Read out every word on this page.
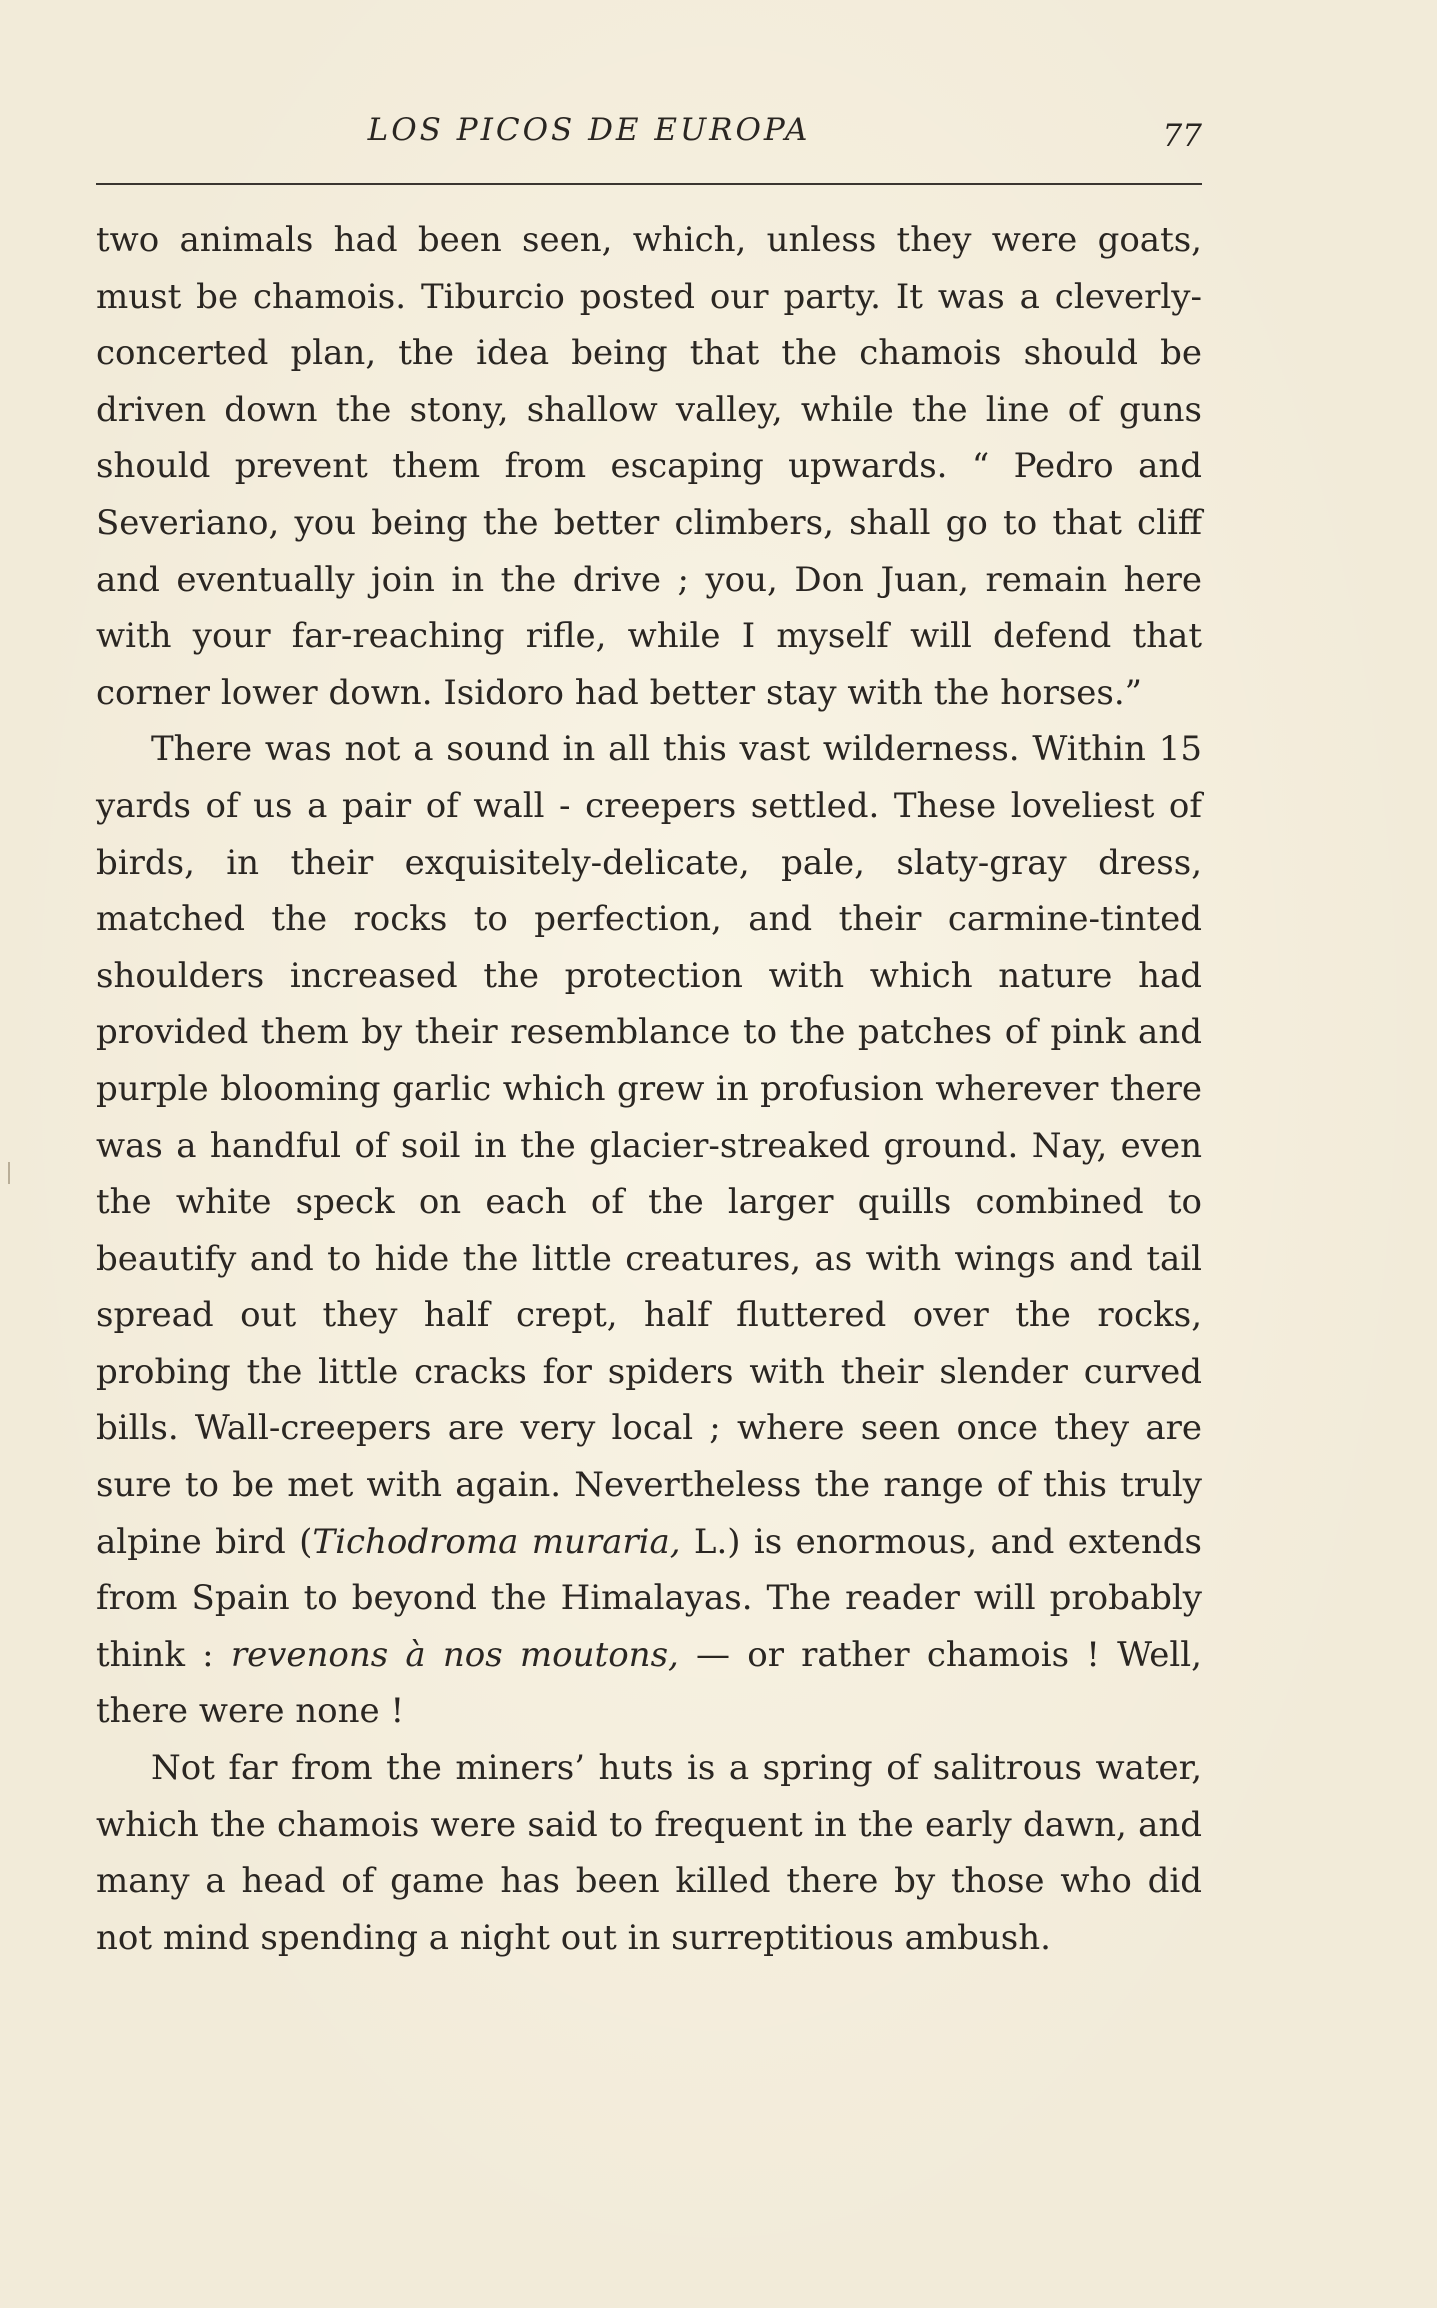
LOS PICOS DE EUROPA	77

two animals had been seen, which, unless they were goats, must be chamois. Tiburcio posted our party. It was a cleverly-concerted plan, the idea being that the chamois should be driven down the stony, shallow valley, while the line of guns should prevent them from escaping upwards. “ Pedro and Severiano, you being the better climbers, shall go to that cliff and eventually join in the drive ; you, Don Juan, remain here with your far-reaching rifle, while I myself will defend that corner lower down. Isidoro had better stay with the horses.”

There was not a sound in all this vast wilderness. Within 15 yards of us a pair of wall - creepers settled. These loveliest of birds, in their exquisitely-delicate, pale, slaty-gray dress, matched the rocks to perfection, and their carmine-tinted shoulders increased the protection with which nature had provided them by their resemblance to the patches of pink and purple blooming garlic which grew in profusion wherever there was a handful of soil in the glacier-streaked ground. Nay, even the white speck on each of the larger quills combined to beautify and to hide the little creatures, as with wings and tail spread out they half crept, half fluttered over the rocks, probing the little cracks for spiders with their slender curved bills. Wall-creepers are very local ; where seen once they are sure to be met with again. Nevertheless the range of this truly alpine bird (Tichodroma muraria, L.) is enormous, and extends from Spain to beyond the Himalayas. The reader will probably think : revenons à nos moutons, — or rather chamois ! Well, there were none !

Not far from the miners’ huts is a spring of salitrous water, which the chamois were said to frequent in the early dawn, and many a head of game has been killed there by those who did not mind spending a night out in surreptitious ambush.
